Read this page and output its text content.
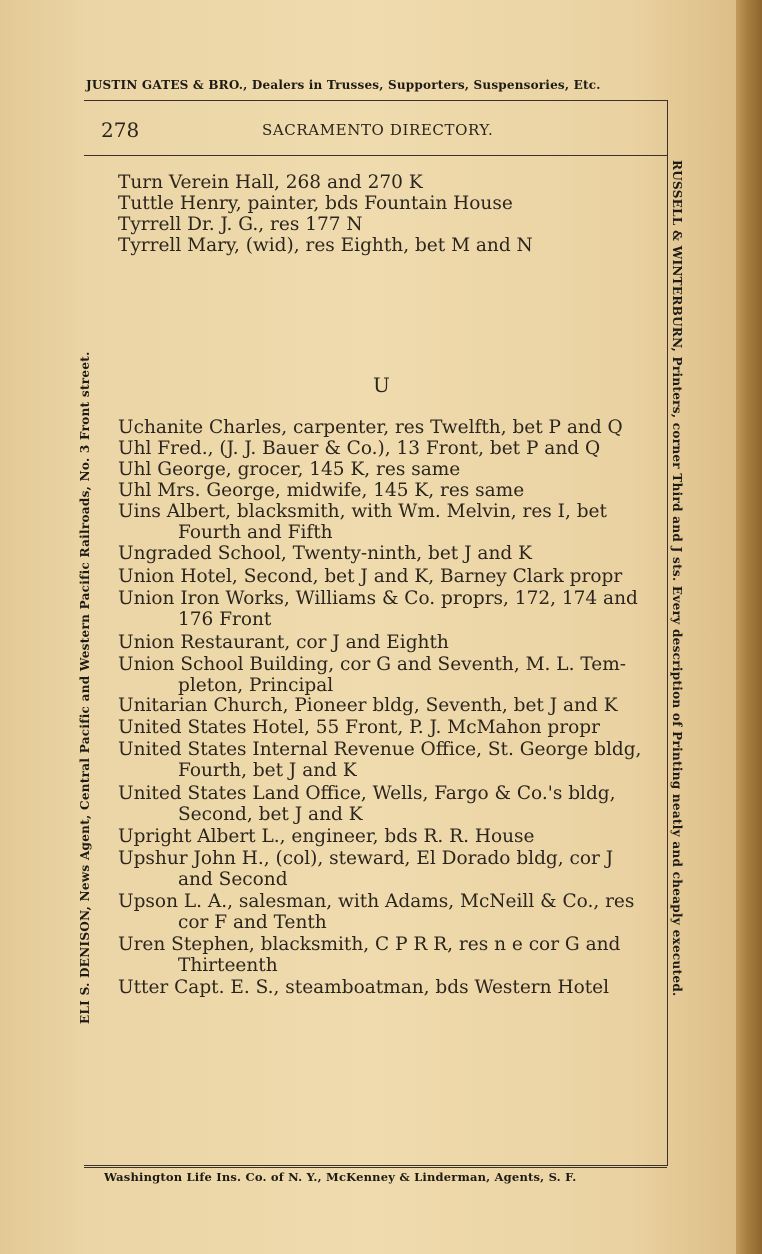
JUSTIN GATES & BRO., Dealers in Trusses, Supporters, Suspensories, Etc.
278	SACRAMENTO DIRECTORY.
ELI S. DENISON, News Agent, Central Pacific and Western Pacific Railroads, No. 3 Front street.	RUSSELL & WINTERBURN, Printers, corner Third and J sts. Every description of Printing neatly and cheaply executed.
Turn Verein Hall, 268 and 270 K
Tuttle Henry, painter, bds Fountain House
Tyrrell Dr. J. G., res 177 N
Tyrrell Mary, (wid), res Eighth, bet M and N
U
Uchanite Charles, carpenter, res Twelfth, bet P and Q
Uhl Fred., (J. J. Bauer & Co.), 13 Front, bet P and Q
Uhl George, grocer, 145 K, res same
Uhl Mrs. George, midwife, 145 K, res same
Uins Albert, blacksmith, with Wm. Melvin, res I, bet
Fourth and Fifth
Ungraded School, Twenty-ninth, bet J and K
Union Hotel, Second, bet J and K, Barney Clark propr
Union Iron Works, Williams & Co. proprs, 172, 174 and
176 Front
Union Restaurant, cor J and Eighth
Union School Building, cor G and Seventh, M. L. Tem-
pleton, Principal
Unitarian Church, Pioneer bldg, Seventh, bet J and K
United States Hotel, 55 Front, P. J. McMahon propr
United States Internal Revenue Office, St. George bldg,
Fourth, bet J and K
United States Land Office, Wells, Fargo & Co.'s bldg,
Second, bet J and K
Upright Albert L., engineer, bds R. R. House
Upshur John H., (col), steward, El Dorado bldg, cor J
and Second
Upson L. A., salesman, with Adams, McNeill & Co., res
cor F and Tenth
Uren Stephen, blacksmith, C P R R, res n e cor G and
Thirteenth
Utter Capt. E. S., steamboatman, bds Western Hotel
Washington Life Ins. Co. of N. Y., McKenney & Linderman, Agents, S. F.
